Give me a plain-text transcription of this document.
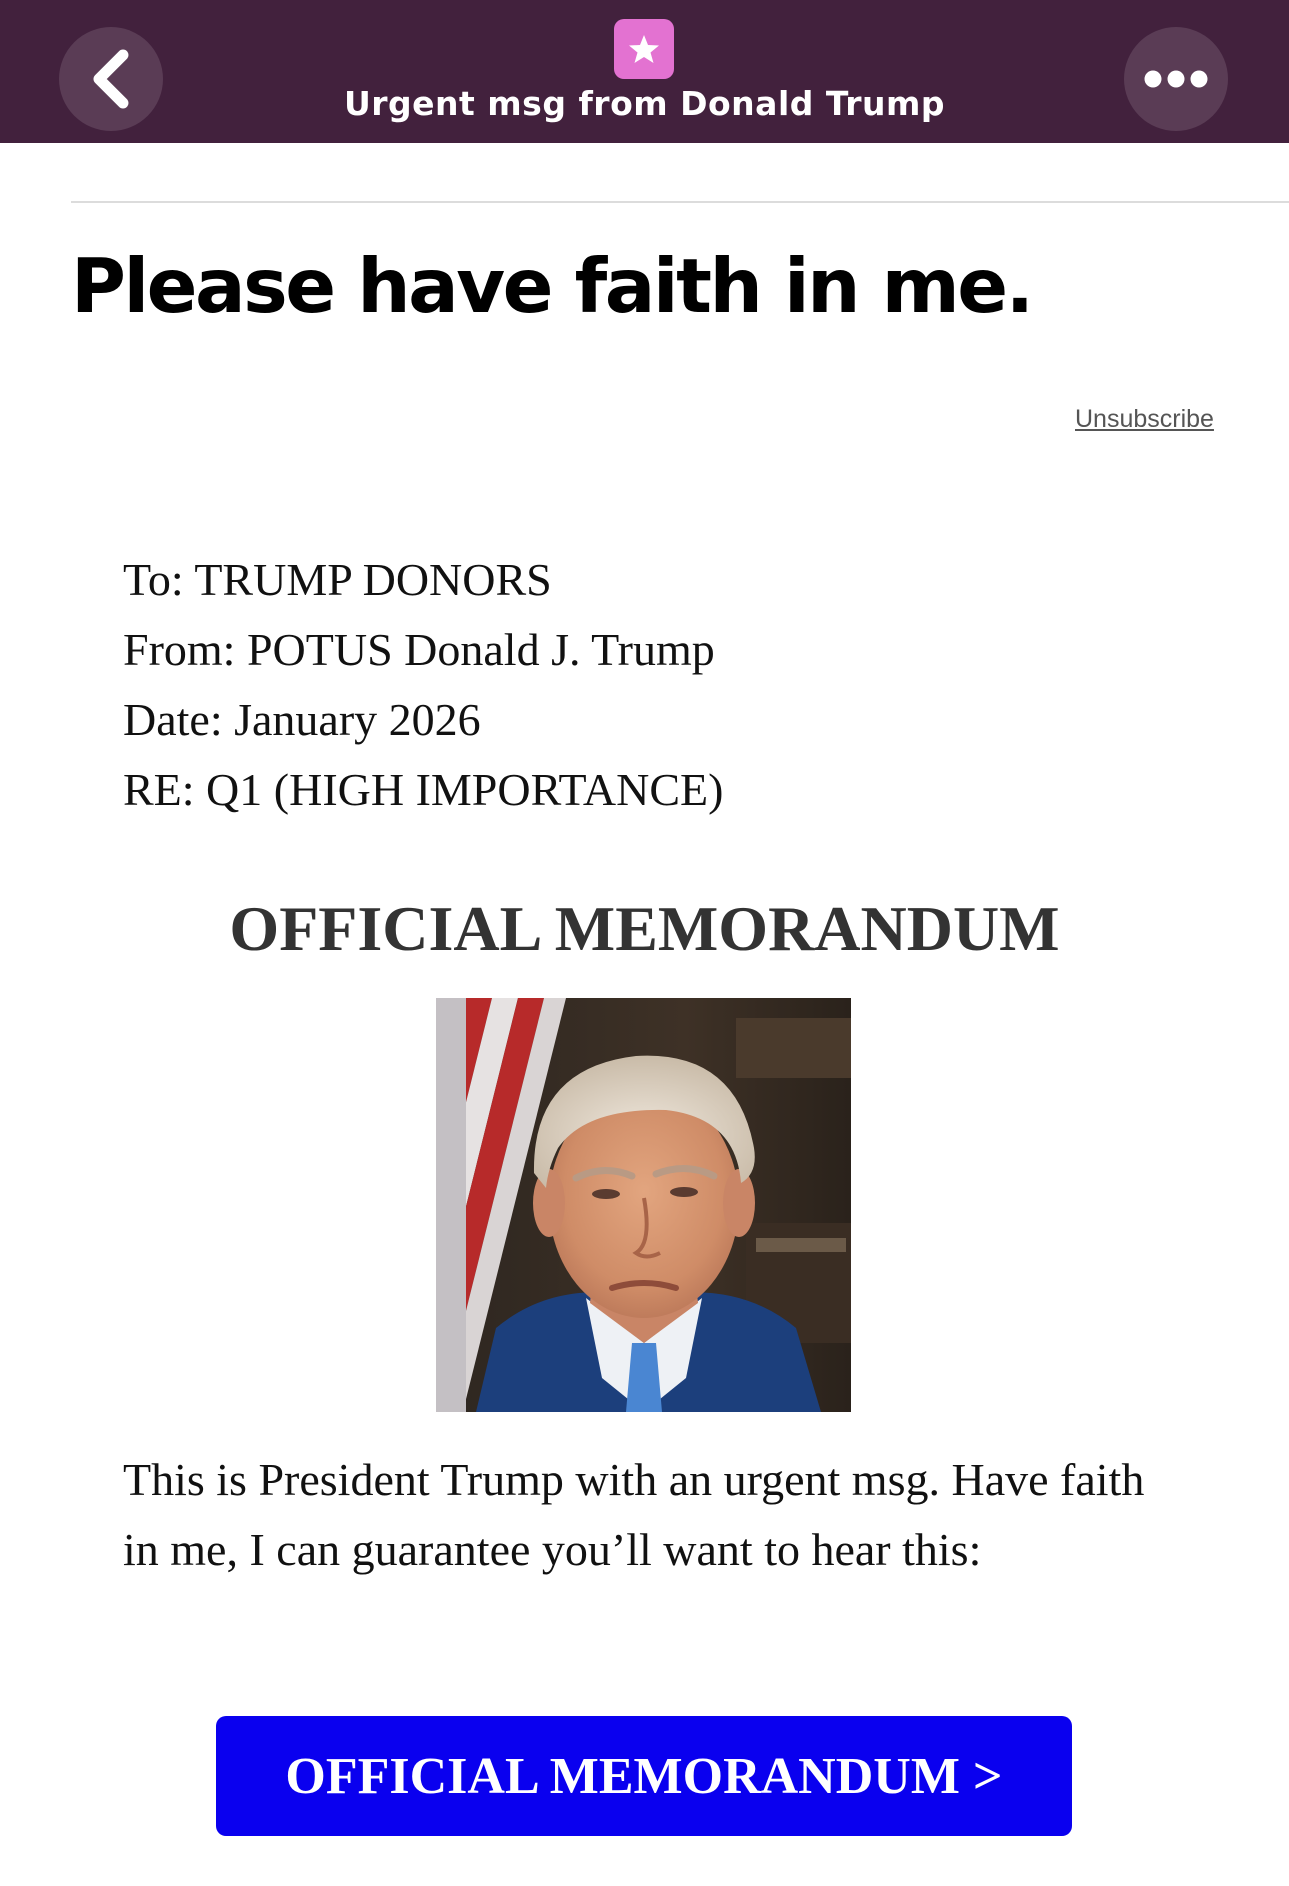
Urgent msg from Donald Trump
Please have faith in me.
Unsubscribe
To: TRUMP DONORS
From: POTUS Donald J. Trump
Date: January 2026
RE: Q1 (HIGH IMPORTANCE)
OFFICIAL MEMORANDUM
This is President Trump with an urgent msg. Have faith in me, I can guarantee you’ll want to hear this:
OFFICIAL MEMORANDUM >
